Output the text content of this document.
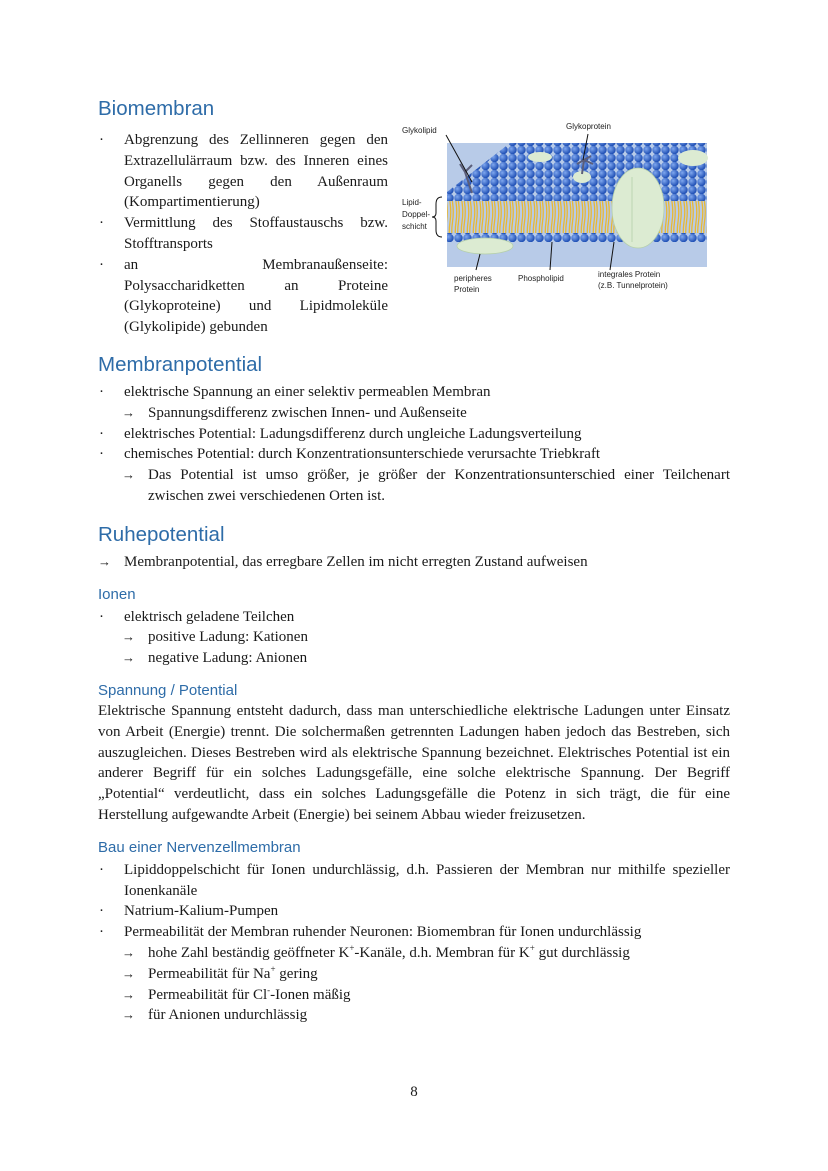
Biomembran
· Abgrenzung des Zellinneren gegen den Extrazellulärraum bzw. des Inneren eines Organells gegen den Außenraum (Kompartimentierung)
· Vermittlung des Stoffaustauschs bzw. Stofftransports
· an Membranaußenseite: Polysaccharidketten an Proteine (Glykoproteine) und Lipidmoleküle (Glykolipide) gebunden
Glykolipid	Glykoprotein
Lipid-
Doppel-
schicht
peripheres
Protein
Phospholipid	integrales Protein
(z.B. Tunnelprotein)
Membranpotential
· elektrische Spannung an einer selektiv permeablen Membran
→ Spannungsdifferenz zwischen Innen- und Außenseite
· elektrisches Potential: Ladungsdifferenz durch ungleiche Ladungsverteilung
· chemisches Potential: durch Konzentrationsunterschiede verursachte Triebkraft
→ Das Potential ist umso größer, je größer der Konzentrationsunterschied einer Teilchenart zwischen zwei verschiedenen Orten ist.
Ruhepotential
→ Membranpotential, das erregbare Zellen im nicht erregten Zustand aufweisen
Ionen
· elektrisch geladene Teilchen
→ positive Ladung: Kationen
→ negative Ladung: Anionen
Spannung / Potential

Elektrische Spannung entsteht dadurch, dass man unterschiedliche elektrische Ladungen unter Einsatz von Arbeit (Energie) trennt. Die solchermaßen getrennten Ladungen haben jedoch das Bestreben, sich auszugleichen. Dieses Bestreben wird als elektrische Spannung bezeichnet. Elektrisches Potential ist ein anderer Begriff für ein solches Ladungsgefälle, eine solche elektrische Spannung. Der Begriff „Potential“ verdeutlicht, dass ein solches Ladungsgefälle die Potenz in sich trägt, die für eine Herstellung aufgewandte Arbeit (Energie) bei seinem Abbau wieder freizusetzen.

Bau einer Nervenzellmembran
· Lipiddoppelschicht für Ionen undurchlässig, d.h. Passieren der Membran nur mithilfe spezieller Ionenkanäle
· Natrium-Kalium-Pumpen
· Permeabilität der Membran ruhender Neuronen: Biomembran für Ionen undurchlässig
→ hohe Zahl beständig geöffneter K+-Kanäle, d.h. Membran für K+ gut durchlässig
→ Permeabilität für Na+ gering
→ Permeabilität für Cl--Ionen mäßig
→ für Anionen undurchlässig
8
